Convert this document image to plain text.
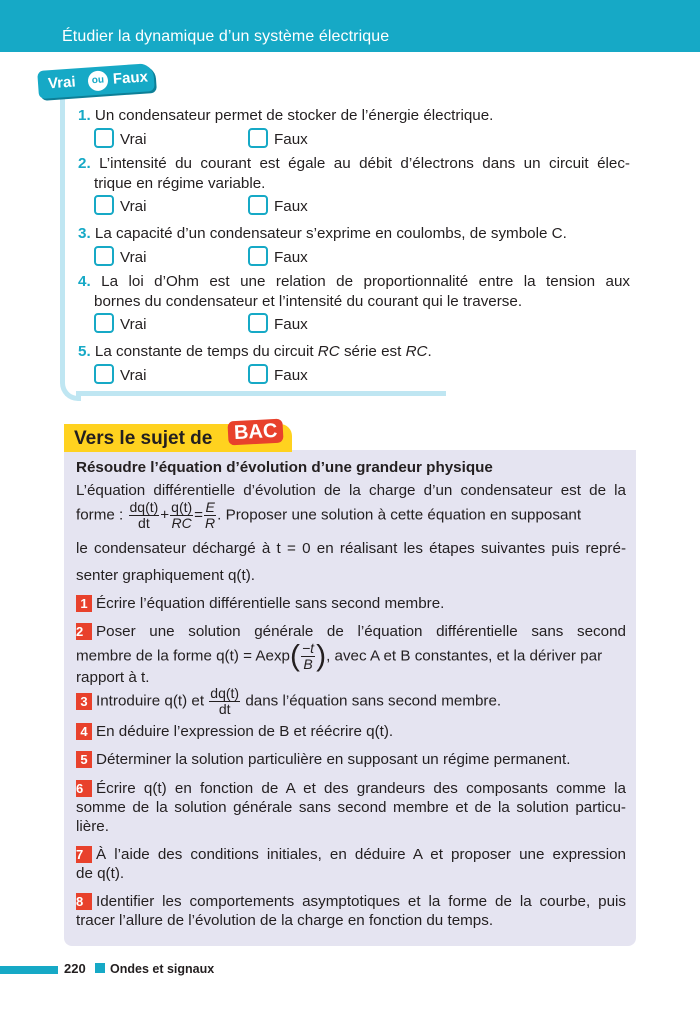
Étudier la dynamique d’un système électrique
Vrai	ou Faux
1. Un condensateur permet de stocker de l’énergie électrique.
Vrai	Faux
2. L’intensité du courant est égale au débit d’électrons dans un circuit élec-
trique en régime variable.
Vrai	Faux
3. La capacité d’un condensateur s’exprime en coulombs, de symbole C.
Vrai	Faux
4. La loi d’Ohm est une relation de proportionnalité entre la tension aux
bornes du condensateur et l’intensité du courant qui le traverse.
Vrai	Faux
5. La constante de temps du circuit RC série est RC.
Vrai	Faux
Vers le sujet de	BAC
Résoudre l’équation d’évolution d’une grandeur physique
L’équation différentielle d’évolution de la charge d’un condensateur est de la
forme : $\frac{dq(t)}{dt} + \frac{q(t)}{RC} = \frac{E}{R}$ . Proposer une solution à cette équation en supposant
le condensateur déchargé à t = 0 en réalisant les étapes suivantes puis repré-
senter graphiquement q(t).
1 Écrire l’équation différentielle sans second membre.
2 Poser une solution générale de l’équation différentielle sans second
membre de la forme $q(t) = Aexp( \frac{-t}{B}$ ), avec A et B constantes, et la dériver par
rapport à t.
3 Introduire q(t) et $\frac{dq(t)}{dt}$ dans l’équation sans second membre.
4 En déduire l’expression de B et réécrire q(t).
5 Déterminer la solution particulière en supposant un régime permanent.
6 Écrire q(t) en fonction de A et des grandeurs des composants comme la
somme de la solution générale sans second membre et de la solution particu-
lière.
7 À l’aide des conditions initiales, en déduire A et proposer une expression
de q(t).
8 Identifier les comportements asymptotiques et la forme de la courbe, puis
tracer l’allure de l’évolution de la charge en fonction du temps.
220 Ondes et signaux
